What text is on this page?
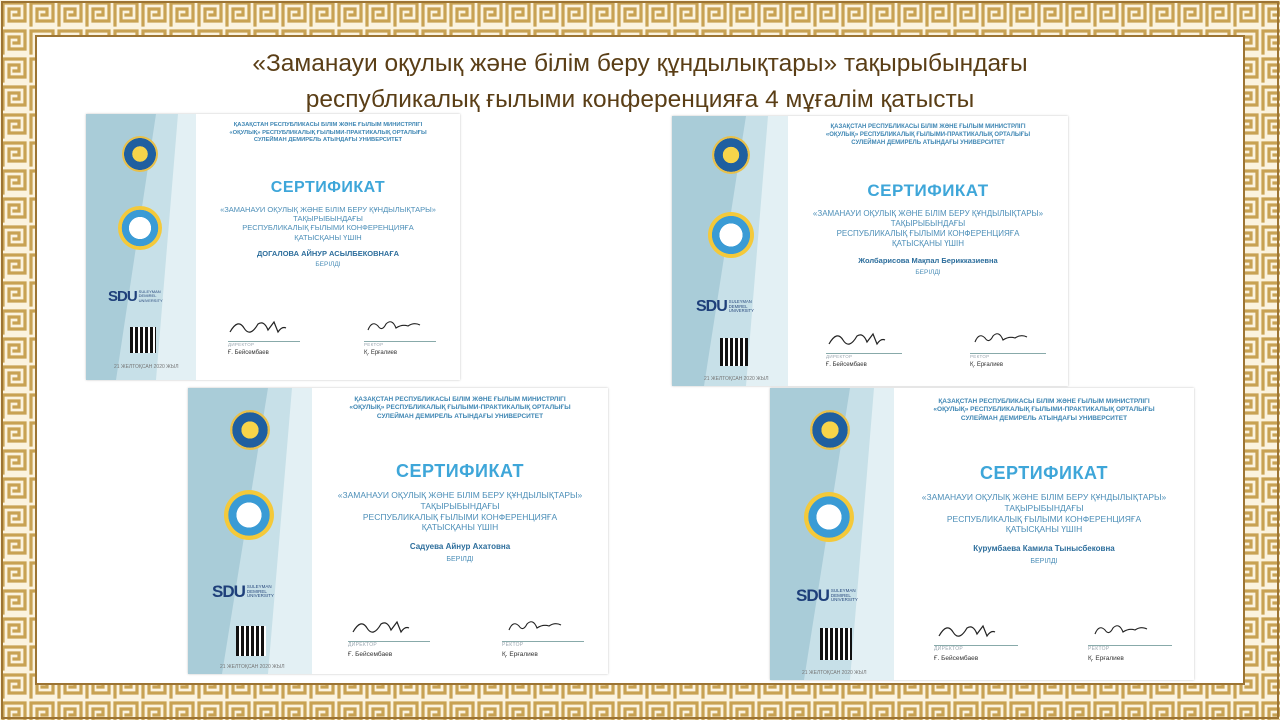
«Заманауи оқулық және білім беру құндылықтары» тақырыбындағы
республикалық ғылыми конференцияға 4 мұғалім қатысты
SDU SULEYMAN
DEMIREL
UNIVERSITY
21 ЖЕЛТОҚСАН 2020 ЖЫЛ
ҚАЗАҚСТАН РЕСПУБЛИКАСЫ БІЛІМ ЖӘНЕ ҒЫЛЫМ МИНИСТРЛІГІ
«ОҚУЛЫҚ» РЕСПУБЛИКАЛЫҚ ҒЫЛЫМИ-ПРАКТИКАЛЫҚ ОРТАЛЫҒЫ
СУЛЕЙМАН ДЕМИРЕЛЬ АТЫНДАҒЫ УНИВЕРСИТЕТ
СЕРТИФИКАТ
«ЗАМАНАУИ ОҚУЛЫҚ ЖӘНЕ БІЛІМ БЕРУ ҚҰНДЫЛЫҚТАРЫ»
ТАҚЫРЫБЫНДАҒЫ
РЕСПУБЛИКАЛЫҚ ҒЫЛЫМИ КОНФЕРЕНЦИЯҒА
ҚАТЫСҚАНЫ ҮШІН
ДОГАЛОВА АЙНУР АСЫЛБЕКОВНАҒА
БЕРІЛДІ
ДИРЕКТОР
Ғ. Бейсембаев
РЕКТОР
Қ. Ерғалиев
SDU SULEYMAN
DEMIREL
UNIVERSITY
21 ЖЕЛТОҚСАН 2020 ЖЫЛ
ҚАЗАҚСТАН РЕСПУБЛИКАСЫ БІЛІМ ЖӘНЕ ҒЫЛЫМ МИНИСТРЛІГІ
«ОҚУЛЫҚ» РЕСПУБЛИКАЛЫҚ ҒЫЛЫМИ-ПРАКТИКАЛЫҚ ОРТАЛЫҒЫ
СУЛЕЙМАН ДЕМИРЕЛЬ АТЫНДАҒЫ УНИВЕРСИТЕТ
СЕРТИФИКАТ
«ЗАМАНАУИ ОҚУЛЫҚ ЖӘНЕ БІЛІМ БЕРУ ҚҰНДЫЛЫҚТАРЫ»
ТАҚЫРЫБЫНДАҒЫ
РЕСПУБЛИКАЛЫҚ ҒЫЛЫМИ КОНФЕРЕНЦИЯҒА
ҚАТЫСҚАНЫ ҮШІН
Жолбарисова Мақпал Берикказиевна
БЕРІЛДІ
ДИРЕКТОР
Ғ. Бейсембаев
РЕКТОР
Қ. Ерғалиев
SDU SULEYMAN
DEMIREL
UNIVERSITY
21 ЖЕЛТОҚСАН 2020 ЖЫЛ
ҚАЗАҚСТАН РЕСПУБЛИКАСЫ БІЛІМ ЖӘНЕ ҒЫЛЫМ МИНИСТРЛІГІ
«ОҚУЛЫҚ» РЕСПУБЛИКАЛЫҚ ҒЫЛЫМИ-ПРАКТИКАЛЫҚ ОРТАЛЫҒЫ
СУЛЕЙМАН ДЕМИРЕЛЬ АТЫНДАҒЫ УНИВЕРСИТЕТ
СЕРТИФИКАТ
«ЗАМАНАУИ ОҚУЛЫҚ ЖӘНЕ БІЛІМ БЕРУ ҚҰНДЫЛЫҚТАРЫ»
ТАҚЫРЫБЫНДАҒЫ
РЕСПУБЛИКАЛЫҚ ҒЫЛЫМИ КОНФЕРЕНЦИЯҒА
ҚАТЫСҚАНЫ ҮШІН
Садуева Айнур Ахатовна
БЕРІЛДІ
ДИРЕКТОР
Ғ. Бейсембаев
РЕКТОР
Қ. Ерғалиев
SDU SULEYMAN
DEMIREL
UNIVERSITY
21 ЖЕЛТОҚСАН 2020 ЖЫЛ
ҚАЗАҚСТАН РЕСПУБЛИКАСЫ БІЛІМ ЖӘНЕ ҒЫЛЫМ МИНИСТРЛІГІ
«ОҚУЛЫҚ» РЕСПУБЛИКАЛЫҚ ҒЫЛЫМИ-ПРАКТИКАЛЫҚ ОРТАЛЫҒЫ
СУЛЕЙМАН ДЕМИРЕЛЬ АТЫНДАҒЫ УНИВЕРСИТЕТ
СЕРТИФИКАТ
«ЗАМАНАУИ ОҚУЛЫҚ ЖӘНЕ БІЛІМ БЕРУ ҚҰНДЫЛЫҚТАРЫ»
ТАҚЫРЫБЫНДАҒЫ
РЕСПУБЛИКАЛЫҚ ҒЫЛЫМИ КОНФЕРЕНЦИЯҒА
ҚАТЫСҚАНЫ ҮШІН
Курумбаева Камила Тынысбековна
БЕРІЛДІ
ДИРЕКТОР
Ғ. Бейсембаев
РЕКТОР
Қ. Ерғалиев
